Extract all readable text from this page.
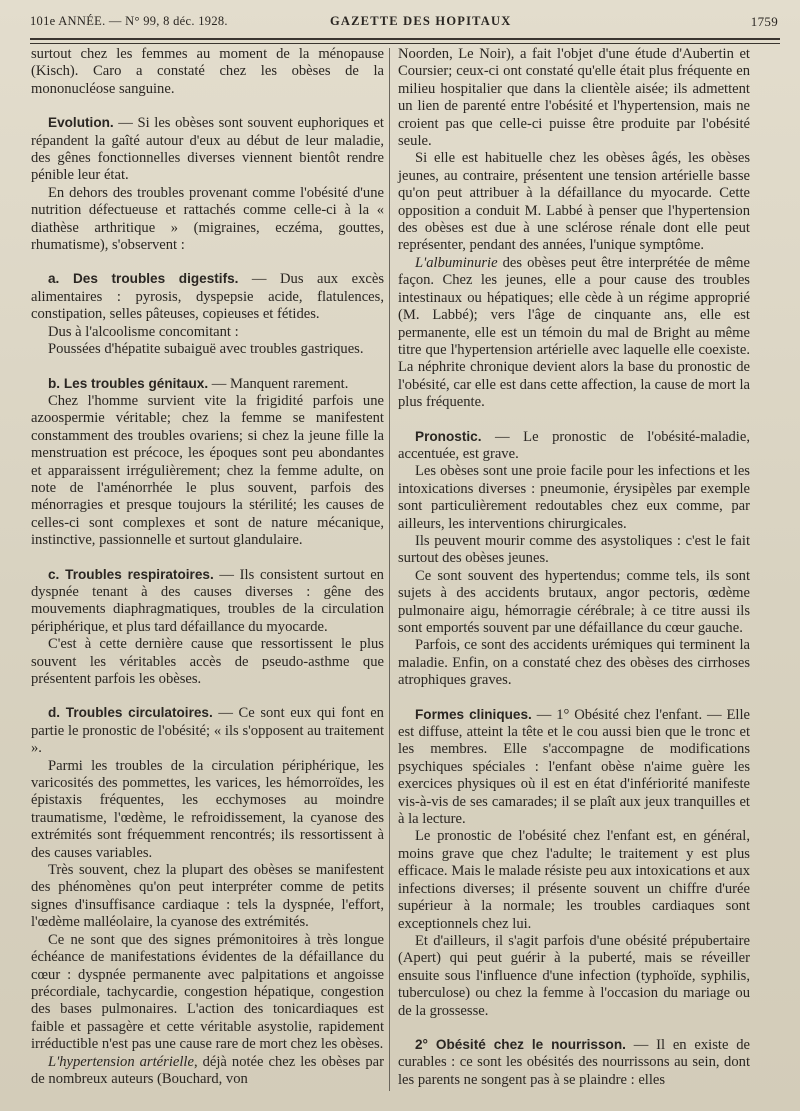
101e ANNÉE. — N° 99, 8 déc. 1928.	GAZETTE DES HOPITAUX	1759

surtout chez les femmes au moment de la ménopause (Kisch). Caro a constaté chez les obèses de la mononucléose sanguine.

Evolution. — Si les obèses sont souvent euphoriques et répandent la gaîté autour d'eux au début de leur maladie, des gênes fonctionnelles diverses viennent bientôt rendre pénible leur état.

En dehors des troubles provenant comme l'obésité d'une nutrition défectueuse et rattachés comme celle-ci à la « diathèse arthritique » (migraines, eczéma, gouttes, rhumatisme), s'observent :

a. Des troubles digestifs. — Dus aux excès alimentaires : pyrosis, dyspepsie acide, flatulences, constipation, selles pâteuses, copieuses et fétides.

Dus à l'alcoolisme concomitant :

Poussées d'hépatite subaiguë avec troubles gastriques.

b. Les troubles génitaux. — Manquent rarement.

Chez l'homme survient vite la frigidité parfois une azoospermie véritable; chez la femme se manifestent constamment des troubles ovariens; si chez la jeune fille la menstruation est précoce, les époques sont peu abondantes et apparaissent irrégulièrement; chez la femme adulte, on note de l'aménorrhée le plus souvent, parfois des ménorragies et presque toujours la stérilité; les causes de celles-ci sont complexes et sont de nature mécanique, instinctive, passionnelle et surtout glandulaire.

c. Troubles respiratoires. — Ils consistent surtout en dyspnée tenant à des causes diverses : gêne des mouvements diaphragmatiques, troubles de la circulation périphérique, et plus tard défaillance du myocarde.

C'est à cette dernière cause que ressortissent le plus souvent les véritables accès de pseudo-asthme que présentent parfois les obèses.

d. Troubles circulatoires. — Ce sont eux qui font en partie le pronostic de l'obésité; « ils s'opposent au traitement ».

Parmi les troubles de la circulation périphérique, les varicosités des pommettes, les varices, les hémorroïdes, les épistaxis fréquentes, les ecchymoses au moindre traumatisme, l'œdème, le refroidissement, la cyanose des extrémités sont fréquemment rencontrés; ils ressortissent à des causes variables.

Très souvent, chez la plupart des obèses se manifestent des phénomènes qu'on peut interpréter comme de petits signes d'insuffisance cardiaque : tels la dyspnée, l'effort, l'œdème malléolaire, la cyanose des extrémités.

Ce ne sont que des signes prémonitoires à très longue échéance de manifestations évidentes de la défaillance du cœur : dyspnée permanente avec palpitations et angoisse précordiale, tachycardie, congestion hépatique, congestion des bases pulmonaires. L'action des tonicardiaques est faible et passagère et cette véritable asystolie, rapidement irréductible n'est pas une cause rare de mort chez les obèses.

L'hypertension artérielle, déjà notée chez les obèses par de nombreux auteurs (Bouchard, von

Noorden, Le Noir), a fait l'objet d'une étude d'Aubertin et Coursier; ceux-ci ont constaté qu'elle était plus fréquente en milieu hospitalier que dans la clientèle aisée; ils admettent un lien de parenté entre l'obésité et l'hypertension, mais ne croient pas que celle-ci puisse être produite par l'obésité seule.

Si elle est habituelle chez les obèses âgés, les obèses jeunes, au contraire, présentent une tension artérielle basse qu'on peut attribuer à la défaillance du myocarde. Cette opposition a conduit M. Labbé à penser que l'hypertension des obèses est due à une sclérose rénale dont elle peut représenter, pendant des années, l'unique symptôme.

L'albuminurie des obèses peut être interprétée de même façon. Chez les jeunes, elle a pour cause des troubles intestinaux ou hépatiques; elle cède à un régime approprié (M. Labbé); vers l'âge de cinquante ans, elle est permanente, elle est un témoin du mal de Bright au même titre que l'hypertension artérielle avec laquelle elle coexiste. La néphrite chronique devient alors la base du pronostic de l'obésité, car elle est dans cette affection, la cause de mort la plus fréquente.

Pronostic. — Le pronostic de l'obésité-maladie, accentuée, est grave.

Les obèses sont une proie facile pour les infections et les intoxications diverses : pneumonie, érysipèles par exemple sont particulièrement redoutables chez eux comme, par ailleurs, les interventions chirurgicales.

Ils peuvent mourir comme des asystoliques : c'est le fait surtout des obèses jeunes.

Ce sont souvent des hypertendus; comme tels, ils sont sujets à des accidents brutaux, angor pectoris, œdème pulmonaire aigu, hémorragie cérébrale; à ce titre aussi ils sont emportés souvent par une défaillance du cœur gauche.

Parfois, ce sont des accidents urémiques qui terminent la maladie. Enfin, on a constaté chez des obèses des cirrhoses atrophiques graves.

Formes cliniques. — 1° Obésité chez l'enfant. — Elle est diffuse, atteint la tête et le cou aussi bien que le tronc et les membres. Elle s'accompagne de modifications psychiques spéciales : l'enfant obèse n'aime guère les exercices physiques où il est en état d'infériorité manifeste vis-à-vis de ses camarades; il se plaît aux jeux tranquilles et à la lecture.

Le pronostic de l'obésité chez l'enfant est, en général, moins grave que chez l'adulte; le traitement y est plus efficace. Mais le malade résiste peu aux intoxications et aux infections diverses; il présente souvent un chiffre d'urée supérieur à la normale; les troubles cardiaques sont exceptionnels chez lui.

Et d'ailleurs, il s'agit parfois d'une obésité prépubertaire (Apert) qui peut guérir à la puberté, mais se réveiller ensuite sous l'influence d'une infection (typhoïde, syphilis, tuberculose) ou chez la femme à l'occasion du mariage ou de la grossesse.

2° Obésité chez le nourrisson. — Il en existe de curables : ce sont les obésités des nourrissons au sein, dont les parents ne songent pas à se plaindre : elles
